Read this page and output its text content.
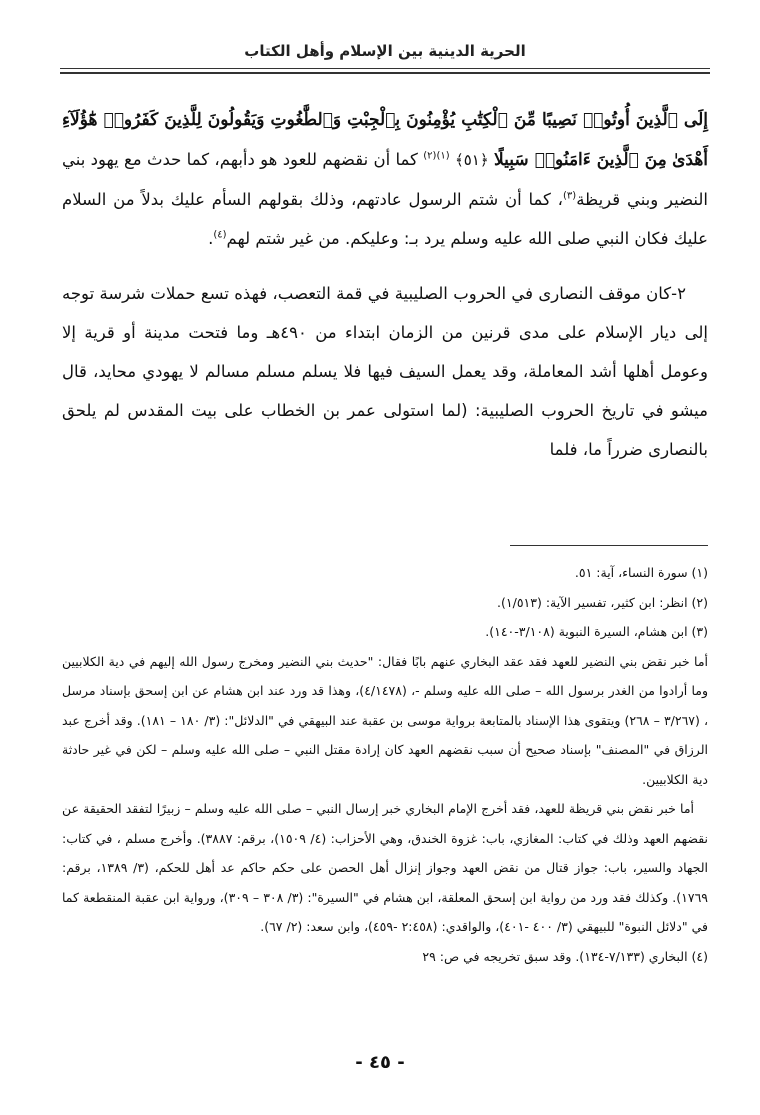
الحرية الدينية بين الإسلام وأهل الكتاب

إِلَى ٱلَّذِينَ أُوتُوا۟ نَصِيبًا مِّنَ ٱلْكِتَٰبِ يُؤْمِنُونَ بِٱلْجِبْتِ وَٱلطَّٰغُوتِ وَيَقُولُونَ لِلَّذِينَ كَفَرُوا۟ هَٰٓؤُلَآءِ أَهْدَىٰ مِنَ ٱلَّذِينَ ءَامَنُوا۟ سَبِيلًا ﴿٥١﴾ $^{(١)(٢)}$ كما أن نقضهم للعود هو دأبهم، كما حدث مع يهود بني النضير وبني قريظة$^{(٣)}$، كما أن شتم الرسول عادتهم، وذلك بقولهم السأم عليك بدلاً من السلام عليك فكان النبي صلى الله عليه وسلم يرد بـ: وعليكم. من غير شتم لهم$^{(٤)}$.

٢-كان موقف النصارى في الحروب الصليبية في قمة التعصب، فهذه تسع حملات شرسة توجه إلى ديار الإسلام على مدى قرنين من الزمان ابتداء من ٤٩٠هـ وما فتحت مدينة أو قرية إلا وعومل أهلها أشد المعاملة، وقد يعمل السيف فيها فلا يسلم مسلم مسالم لا يهودي محايد، قال ميشو في تاريخ الحروب الصليبية: (لما استولى عمر بن الخطاب على بيت المقدس لم يلحق بالنصارى ضرراً ما، فلما

(١) سورة النساء، آية: ٥١.

(٢) انظر: ابن كثير، تفسير الآية: (١/٥١٣).

(٣) ابن هشام، السيرة النبوية (٣/١٠٨-١٤٠).

أما خبر نقض بني النضير للعهد فقد عقد البخاري عنهم بابًا فقال: "حديث بني النضير ومخرج رسول الله إليهم في دية الكلابيين وما أرادوا من الغدر برسول الله – صلى الله عليه وسلم -، (٤/١٤٧٨)، وهذا قد ورد عند ابن هشام عن ابن إسحق بإسناد مرسل ، (٣/٢٦٧ – ٢٦٨) ويتقوى هذا الإسناد بالمتابعة برواية موسى بن عقبة عند البيهقي في "الدلائل": (٣/ ١٨٠ – ١٨١). وقد أخرج عبد الرزاق في "المصنف" بإسناد صحيح أن سبب نقضهم العهد كان إرادة مقتل النبي – صلى الله عليه وسلم – لكن في غير حادثة دية الكلابيين.

أما خبر نقض بني قريظة للعهد، فقد أخرج الإمام البخاري خبر إرسال النبي – صلى الله عليه وسلم – زبيرًا لتفقد الحقيقة عن نقضهم العهد وذلك في كتاب: المغازي، باب: غزوة الخندق، وهي الأحزاب: (٤/ ١٥٠٩)، برقم: ٣٨٨٧). وأخرج مسلم ، في كتاب: الجهاد والسير، باب: جواز قتال من نقض العهد وجواز إنزال أهل الحصن على حكم حاكم عد أهل للحكم، (٣/ ١٣٨٩، برقم: ١٧٦٩). وكذلك فقد ورد من رواية ابن إسحق المعلقة، ابن هشام في "السيرة": (٣/ ٣٠٨ – ٣٠٩)، ورواية ابن عقبة المنقطعة كما في "دلائل النبوة" للبيهقي (٣/ ٤٠٠ -٤٠١)، والواقدي: (٢:٤٥٨ -٤٥٩)، وابن سعد: (٢/ ٦٧).

(٤) البخاري (٧/١٣٣-١٣٤). وقد سبق تخريجه في ص: ٢٩

- ٤٥ -
